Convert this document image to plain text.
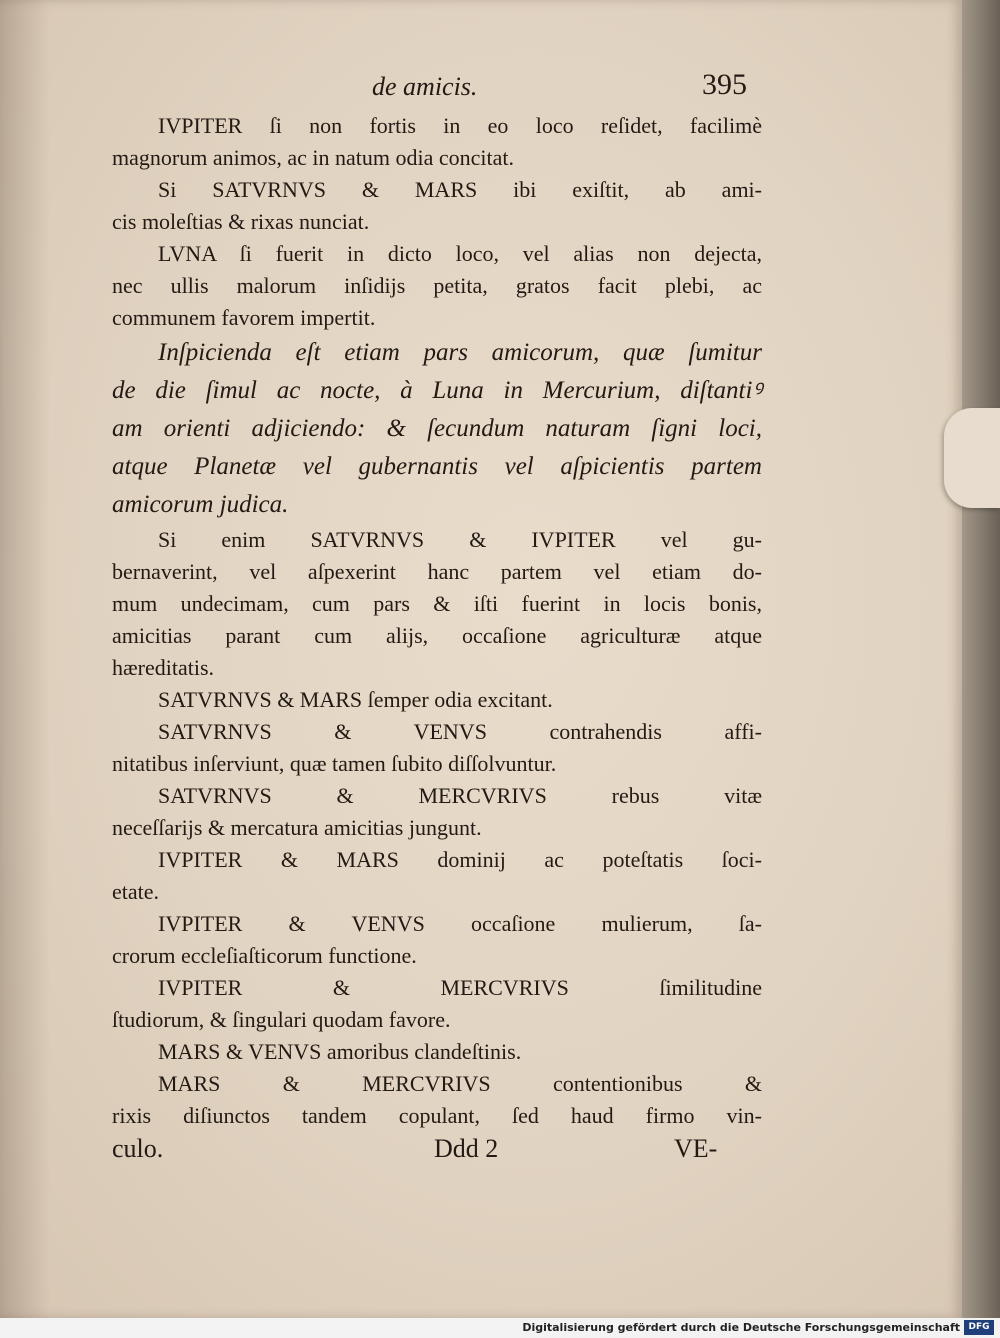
de amicis.	395
IVPITER ſi non fortis in eo loco reſidet, facilimè
magnorum animos, ac in natum odia concitat.
Si SATVRNVS & MARS ibi exiſtit, ab ami-
cis moleſtias & rixas nunciat.
LVNA ſi fuerit in dicto loco, vel alias non dejecta,
nec ullis malorum inſidijs petita, gratos facit plebi, ac
communem favorem impertit.
Inſpicienda eſt etiam pars amicorum, quæ ſumitur
de die ſimul ac nocte, à Luna in Mercurium, diſtantiꝰ
am orienti adjiciendo: & ſecundum naturam ſigni loci,
atque Planetæ vel gubernantis vel aſpicientis partem
amicorum judica.
Si enim SATVRNVS & IVPITER vel gu-
bernaverint, vel aſpexerint hanc partem vel etiam do-
mum undecimam, cum pars & iſti fuerint in locis bonis,
amicitias parant cum alijs, occaſione agriculturæ atque
hæreditatis.
SATVRNVS & MARS ſemper odia excitant.
SATVRNVS & VENVS contrahendis affi-
nitatibus inſerviunt, quæ tamen ſubito diſſolvuntur.
SATVRNVS & MERCVRIVS rebus vitæ
neceſſarijs & mercatura amicitias jungunt.
IVPITER & MARS dominij ac poteſtatis ſoci-
etate.
IVPITER & VENVS occaſione mulierum, ſa-
crorum eccleſiaſticorum functione.
IVPITER & MERCVRIVS ſimilitudine
ſtudiorum, & ſingulari quodam favore.
MARS & VENVS amoribus clandeſtinis.
MARS & MERCVRIVS contentionibus &
rixis diſiunctos tandem copulant, ſed haud firmo vin-
culo.	Ddd 2	VE-
Digitalisierung gefördert durch die Deutsche Forschungsgemeinschaft DFG
